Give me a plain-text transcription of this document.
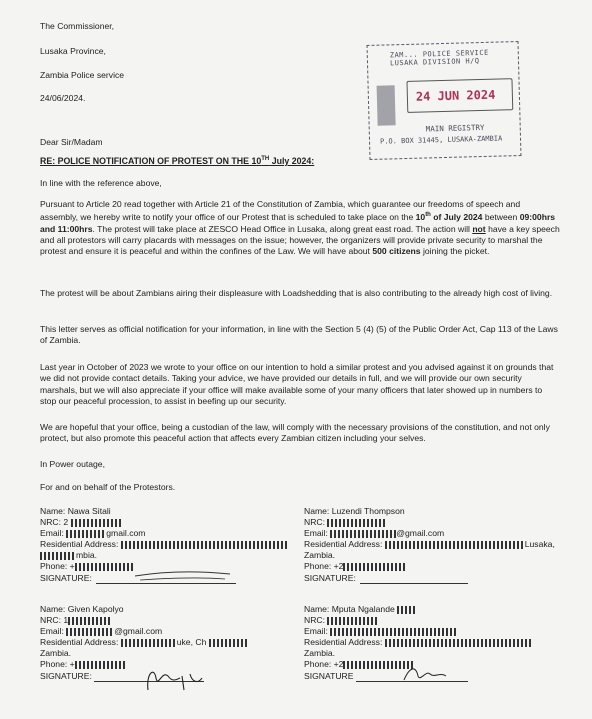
The Commissioner,
Lusaka Province,
Zambia Police service
24/06/2024.
ZAM... POLICE SERVICE
LUSAKA DIVISION H/Q
24 JUN 2024
MAIN REGISTRY
P.O. BOX 31445, LUSAKA-ZAMBIA
Dear Sir/Madam
RE: POLICE NOTIFICATION OF PROTEST ON THE 10TH July 2024:
In line with the reference above,
Pursuant to Article 20 read together with Article 21 of the Constitution of Zambia, which guarantee our freedoms of speech and assembly, we hereby write to notify your office of our Protest that is scheduled to take place on the 10th of July 2024 between 09:00hrs and 11:00hrs. The protest will take place at ZESCO Head Office in Lusaka, along great east road. The action will not have a key speech and all protestors will carry placards with messages on the issue; however, the organizers will provide private security to marshal the protest and ensure it is peaceful and within the confines of the Law. We will have about 500 citizens joining the picket.
The protest will be about Zambians airing their displeasure with Loadshedding that is also contributing to the already high cost of living.
This letter serves as official notification for your information, in line with the Section 5 (4) (5) of the Public Order Act, Cap 113 of the Laws of Zambia.
Last year in October of 2023 we wrote to your office on our intention to hold a similar protest and you advised against it on grounds that we did not provide contact details. Taking your advice, we have provided our details in full, and we will provide our own security marshals, but we will also appreciate if your office will make available some of your many officers that later showed up in numbers to stop our peaceful procession, to assist in beefing up our security.
We are hopeful that your office, being a custodian of the law, will comply with the necessary provisions of the constitution, and not only protect, but also promote this peaceful action that affects every Zambian citizen including your selves.
In Power outage,
For and on behalf of the Protestors.
Name: Nawa Sitali
NRC: 2
Email:	gmail.com
Residential Address:
mbia.
Phone: +
SIGNATURE:
Name: Luzendi Thompson
NRC:
Email:	@gmail.com
Residential Address:	Lusaka,
Zambia.
Phone: +2
SIGNATURE:
Name: Given Kapolyo
NRC: 1
Email:	@gmail.com
Residential Address:	uke, Ch
Zambia.
Phone: +
SIGNATURE:
Name: Mputa Ngalande
NRC:
Email:
Residential Address:
Zambia.
Phone: +2
SIGNATURE
